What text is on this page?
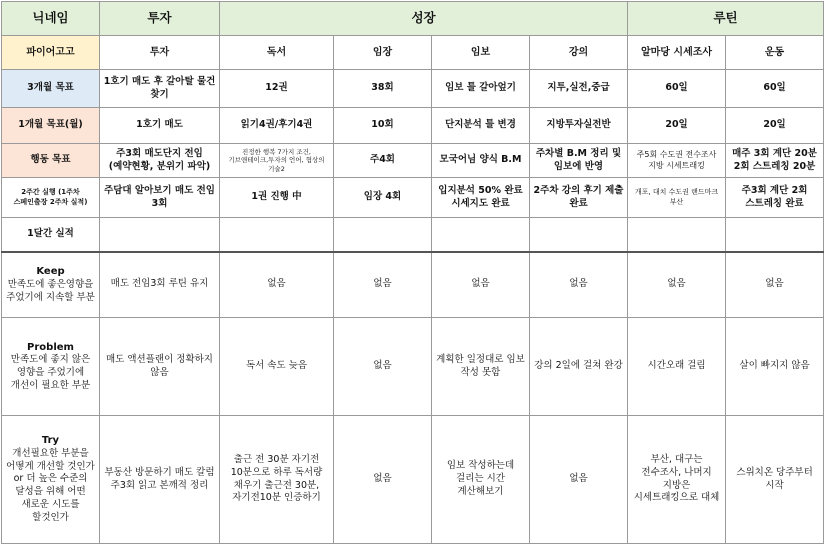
닉네임	투자	성장				루틴	
파이어고고	투자	독서	임장	임보	강의	알마당 시세조사	운동
3개월 목표	1호기 매도 후 갈아탈 물건 찾기	12권	38회	임보 틀 갈아엎기	지투,실전,중급	60일	60일
1개월 목표(월)	1호기 매도	읽기4권/후기4권	10회	단지분석 틀 변경	지방투자실전반	20일	20일
행동 목표	주3회 매도단지 전임 (예약현황, 분위기 파악)	진정한 행복 7가지 조건, 기브앤테이크,투자의 언어, 협상의 기술2	주4회	모국어님 양식 B.M	주차별 B.M 정리 및 임보에 반영	주5회 수도권 전수조사 지방 시세트래킹	매주 3회 계단 20분 2회 스트레칭 20분
2주간 실행 (1주차 스페인출장 2주차 실적)	주담대 알아보기 매도 전임 3회	1권 진행 中	임장 4회	입지분석 50% 완료 시세지도 완료	2주차 강의 후기 제출 완료	개포, 대치 수도권 랜드마크 부산	주3회 계단 2회 스트레칭 완료
1달간 실적							

Keep
만족도에 좋은영향을 주었기에 지속할 부분	매도 전임3회 루틴 유지	없음	없음	없음	없음	없음	없음

Problem
만족도에 좋지 않은 영향을 주었기에 개선이 필요한 부분	매도 액션플랜이 정확하지 않음	독서 속도 늦음	없음	계획한 일정대로 임보 작성 못함	강의 2일에 걸쳐 완강	시간오래 걸림	살이 빠지지 않음

Try
개선필요한 부분을 어떻게 개선할 것인가 or 더 높은 수준의 달성을 위해 어떤 새로운 시도를 할것인가	부동산 방문하기 매도 칼럼 주3회 읽고 본깨적 정리	출근 전 30분 자기전 10분으로 하루 독서량 채우기 출근전 30분, 자기전10분 인증하기	없음	임보 작성하는데 걸리는 시간 계산해보기	없음	부산, 대구는 전수조사, 나머지 지방은 시세트래킹으로 대체	스위치온 당주부터 시작
